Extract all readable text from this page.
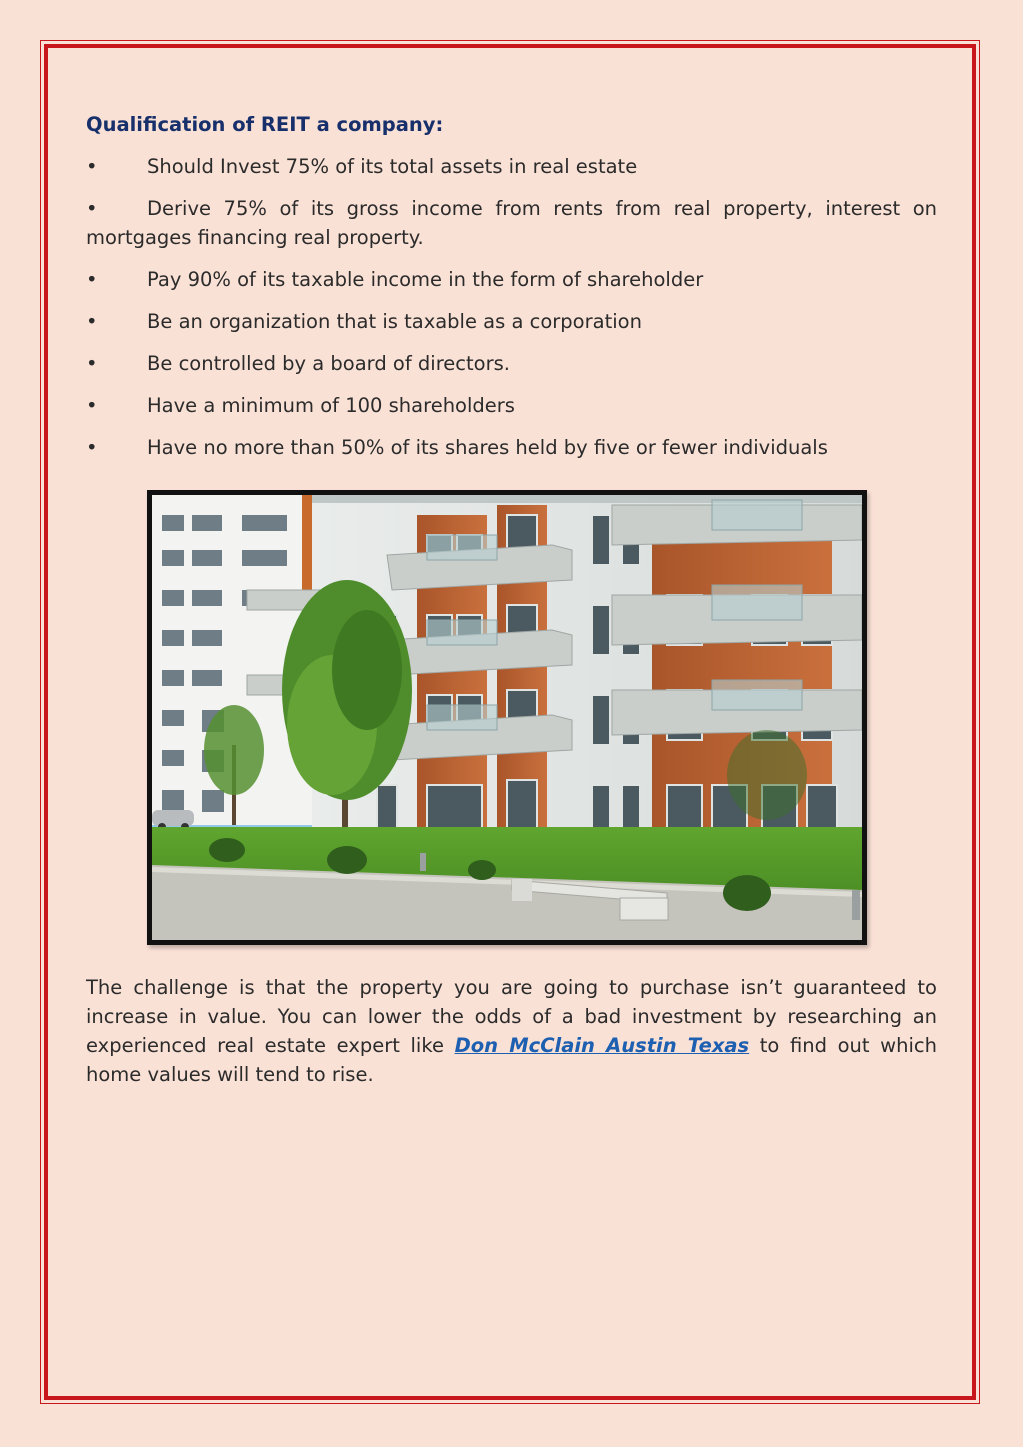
Qualification of REIT a company:

•	Should Invest 75% of its total assets in real estate

•	Derive 75% of its gross income from rents from real property, interest on mortgages financing real property.

•	Pay 90% of its taxable income in the form of shareholder

•	Be an organization that is taxable as a corporation

•	Be controlled by a board of directors.

•	Have a minimum of 100 shareholders

•	Have no more than 50% of its shares held by five or fewer individuals

The challenge is that the property you are going to purchase isn’t guaranteed to increase in value. You can lower the odds of a bad investment by researching an experienced real estate expert like Don McClain Austin Texas to find out which home values will tend to rise.
